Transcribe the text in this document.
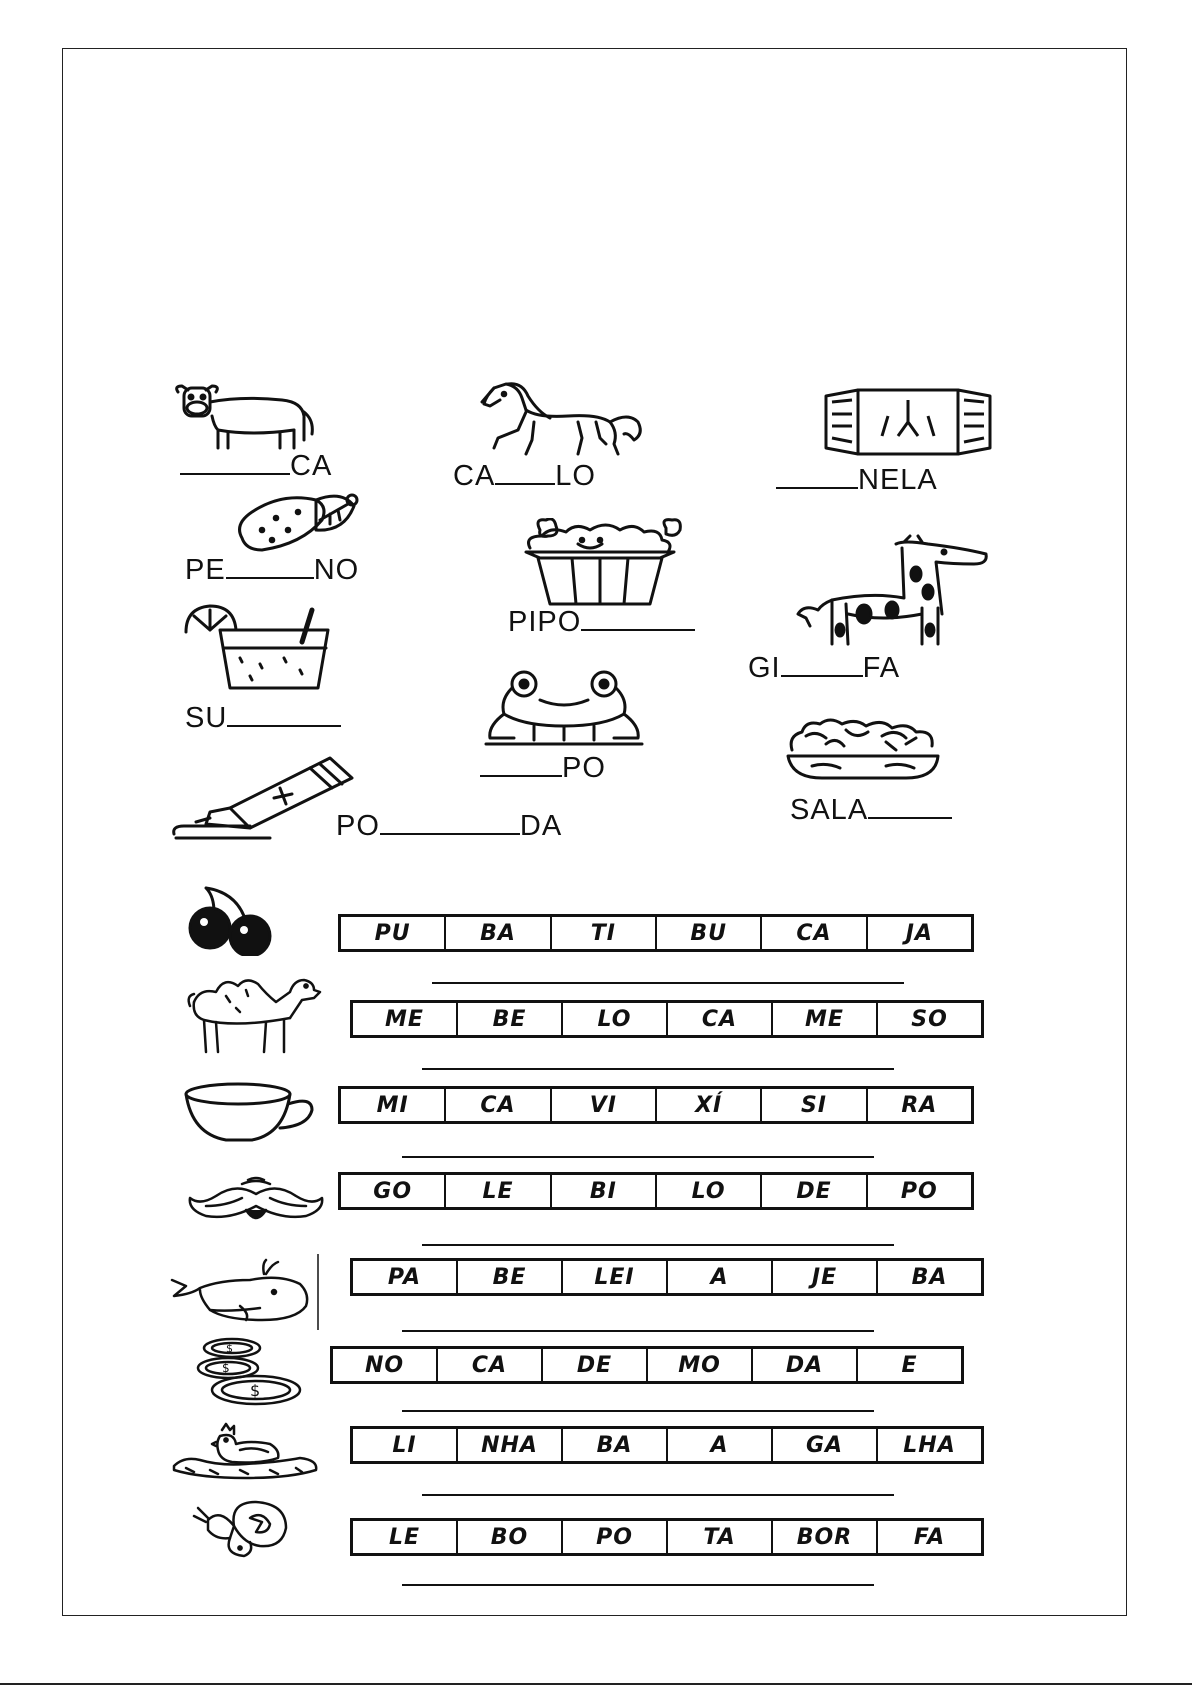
CA	CA LO	NELA
PE	NO
PIPO
GI	FA
SU
PO
SALA
PO	DA
PU	BA	TI	BU	CA	JA
ME	BE	LO	CA	ME	SO
MI	CA	VI	XÍ	SI	RA
GO	LE	BI	LO	DE	PO
PA	BE	LEI	A	JE	BA
$
$
$
NO	CA	DE	MO	DA	E
LI	NHA	BA	A	GA	LHA
LE	BO	PO	TA	BOR	FA
